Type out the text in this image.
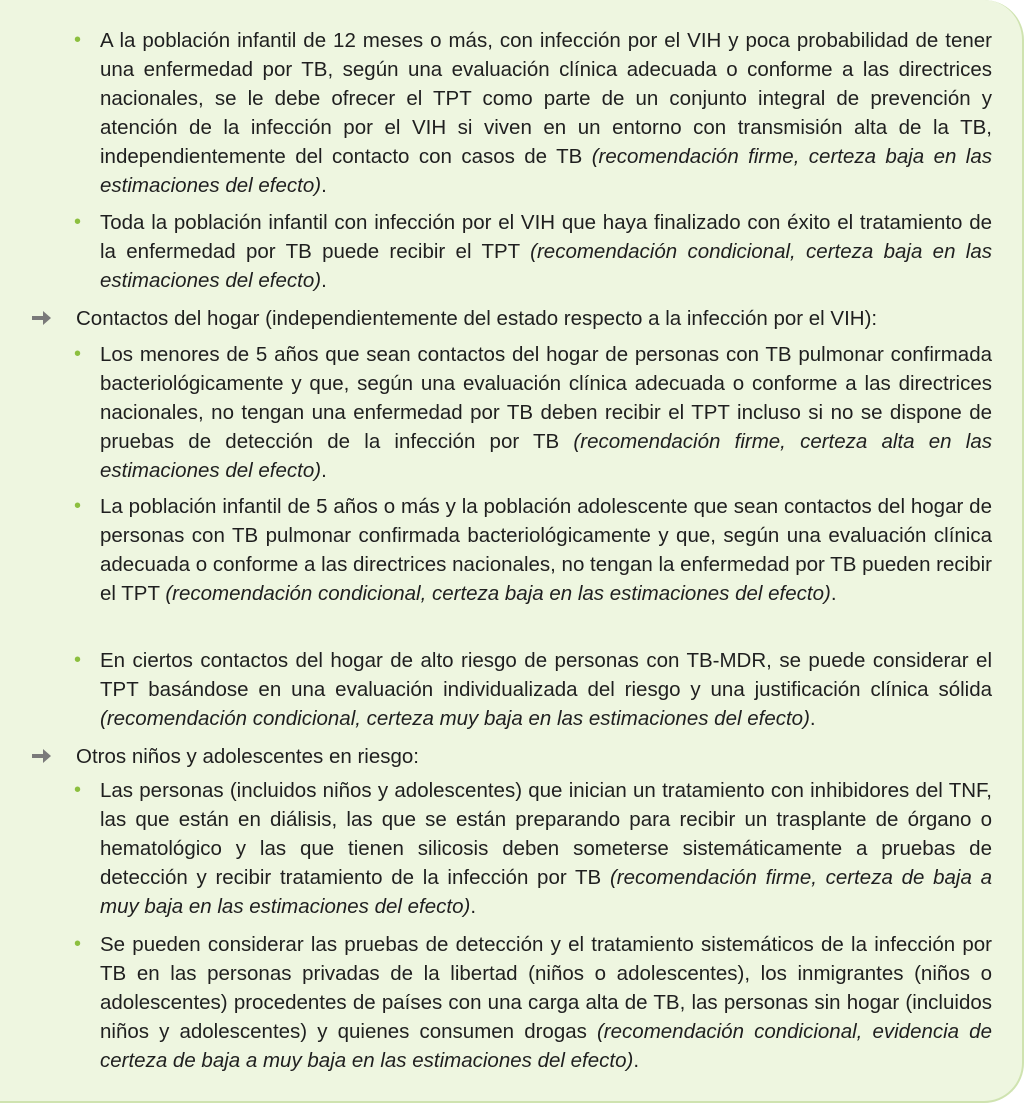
• A la población infantil de 12 meses o más, con infección por el VIH y poca probabilidad de tener una enfermedad por TB, según una evaluación clínica adecuada o conforme a las directrices nacionales, se le debe ofrecer el TPT como parte de un conjunto integral de prevención y atención de la infección por el VIH si viven en un entorno con transmisión alta de la TB, independientemente del contacto con casos de TB (recomendación firme, certeza baja en las estimaciones del efecto).
• Toda la población infantil con infección por el VIH que haya finalizado con éxito el tratamiento de la enfermedad por TB puede recibir el TPT (recomendación condicional, certeza baja en las estimaciones del efecto).
Contactos del hogar (independientemente del estado respecto a la infección por el VIH):
• Los menores de 5 años que sean contactos del hogar de personas con TB pulmonar confirmada bacteriológicamente y que, según una evaluación clínica adecuada o conforme a las directrices nacionales, no tengan una enfermedad por TB deben recibir el TPT incluso si no se dispone de pruebas de detección de la infección por TB (recomendación firme, certeza alta en las estimaciones del efecto).
• La población infantil de 5 años o más y la población adolescente que sean contactos del hogar de personas con TB pulmonar confirmada bacteriológicamente y que, según una evaluación clínica adecuada o conforme a las directrices nacionales, no tengan la enfermedad por TB pueden recibir el TPT (recomendación condicional, certeza baja en las estimaciones del efecto).
• En ciertos contactos del hogar de alto riesgo de personas con TB-MDR, se puede considerar el TPT basándose en una evaluación individualizada del riesgo y una justificación clínica sólida (recomendación condicional, certeza muy baja en las estimaciones del efecto).
Otros niños y adolescentes en riesgo:
• Las personas (incluidos niños y adolescentes) que inician un tratamiento con inhibidores del TNF, las que están en diálisis, las que se están preparando para recibir un trasplante de órgano o hematológico y las que tienen silicosis deben someterse sistemáticamente a pruebas de detección y recibir tratamiento de la infección por TB (recomendación firme, certeza de baja a muy baja en las estimaciones del efecto).
• Se pueden considerar las pruebas de detección y el tratamiento sistemáticos de la infección por TB en las personas privadas de la libertad (niños o adolescentes), los inmigrantes (niños o adolescentes) procedentes de países con una carga alta de TB, las personas sin hogar (incluidos niños y adolescentes) y quienes consumen drogas (recomendación condicional, evidencia de certeza de baja a muy baja en las estimaciones del efecto).
